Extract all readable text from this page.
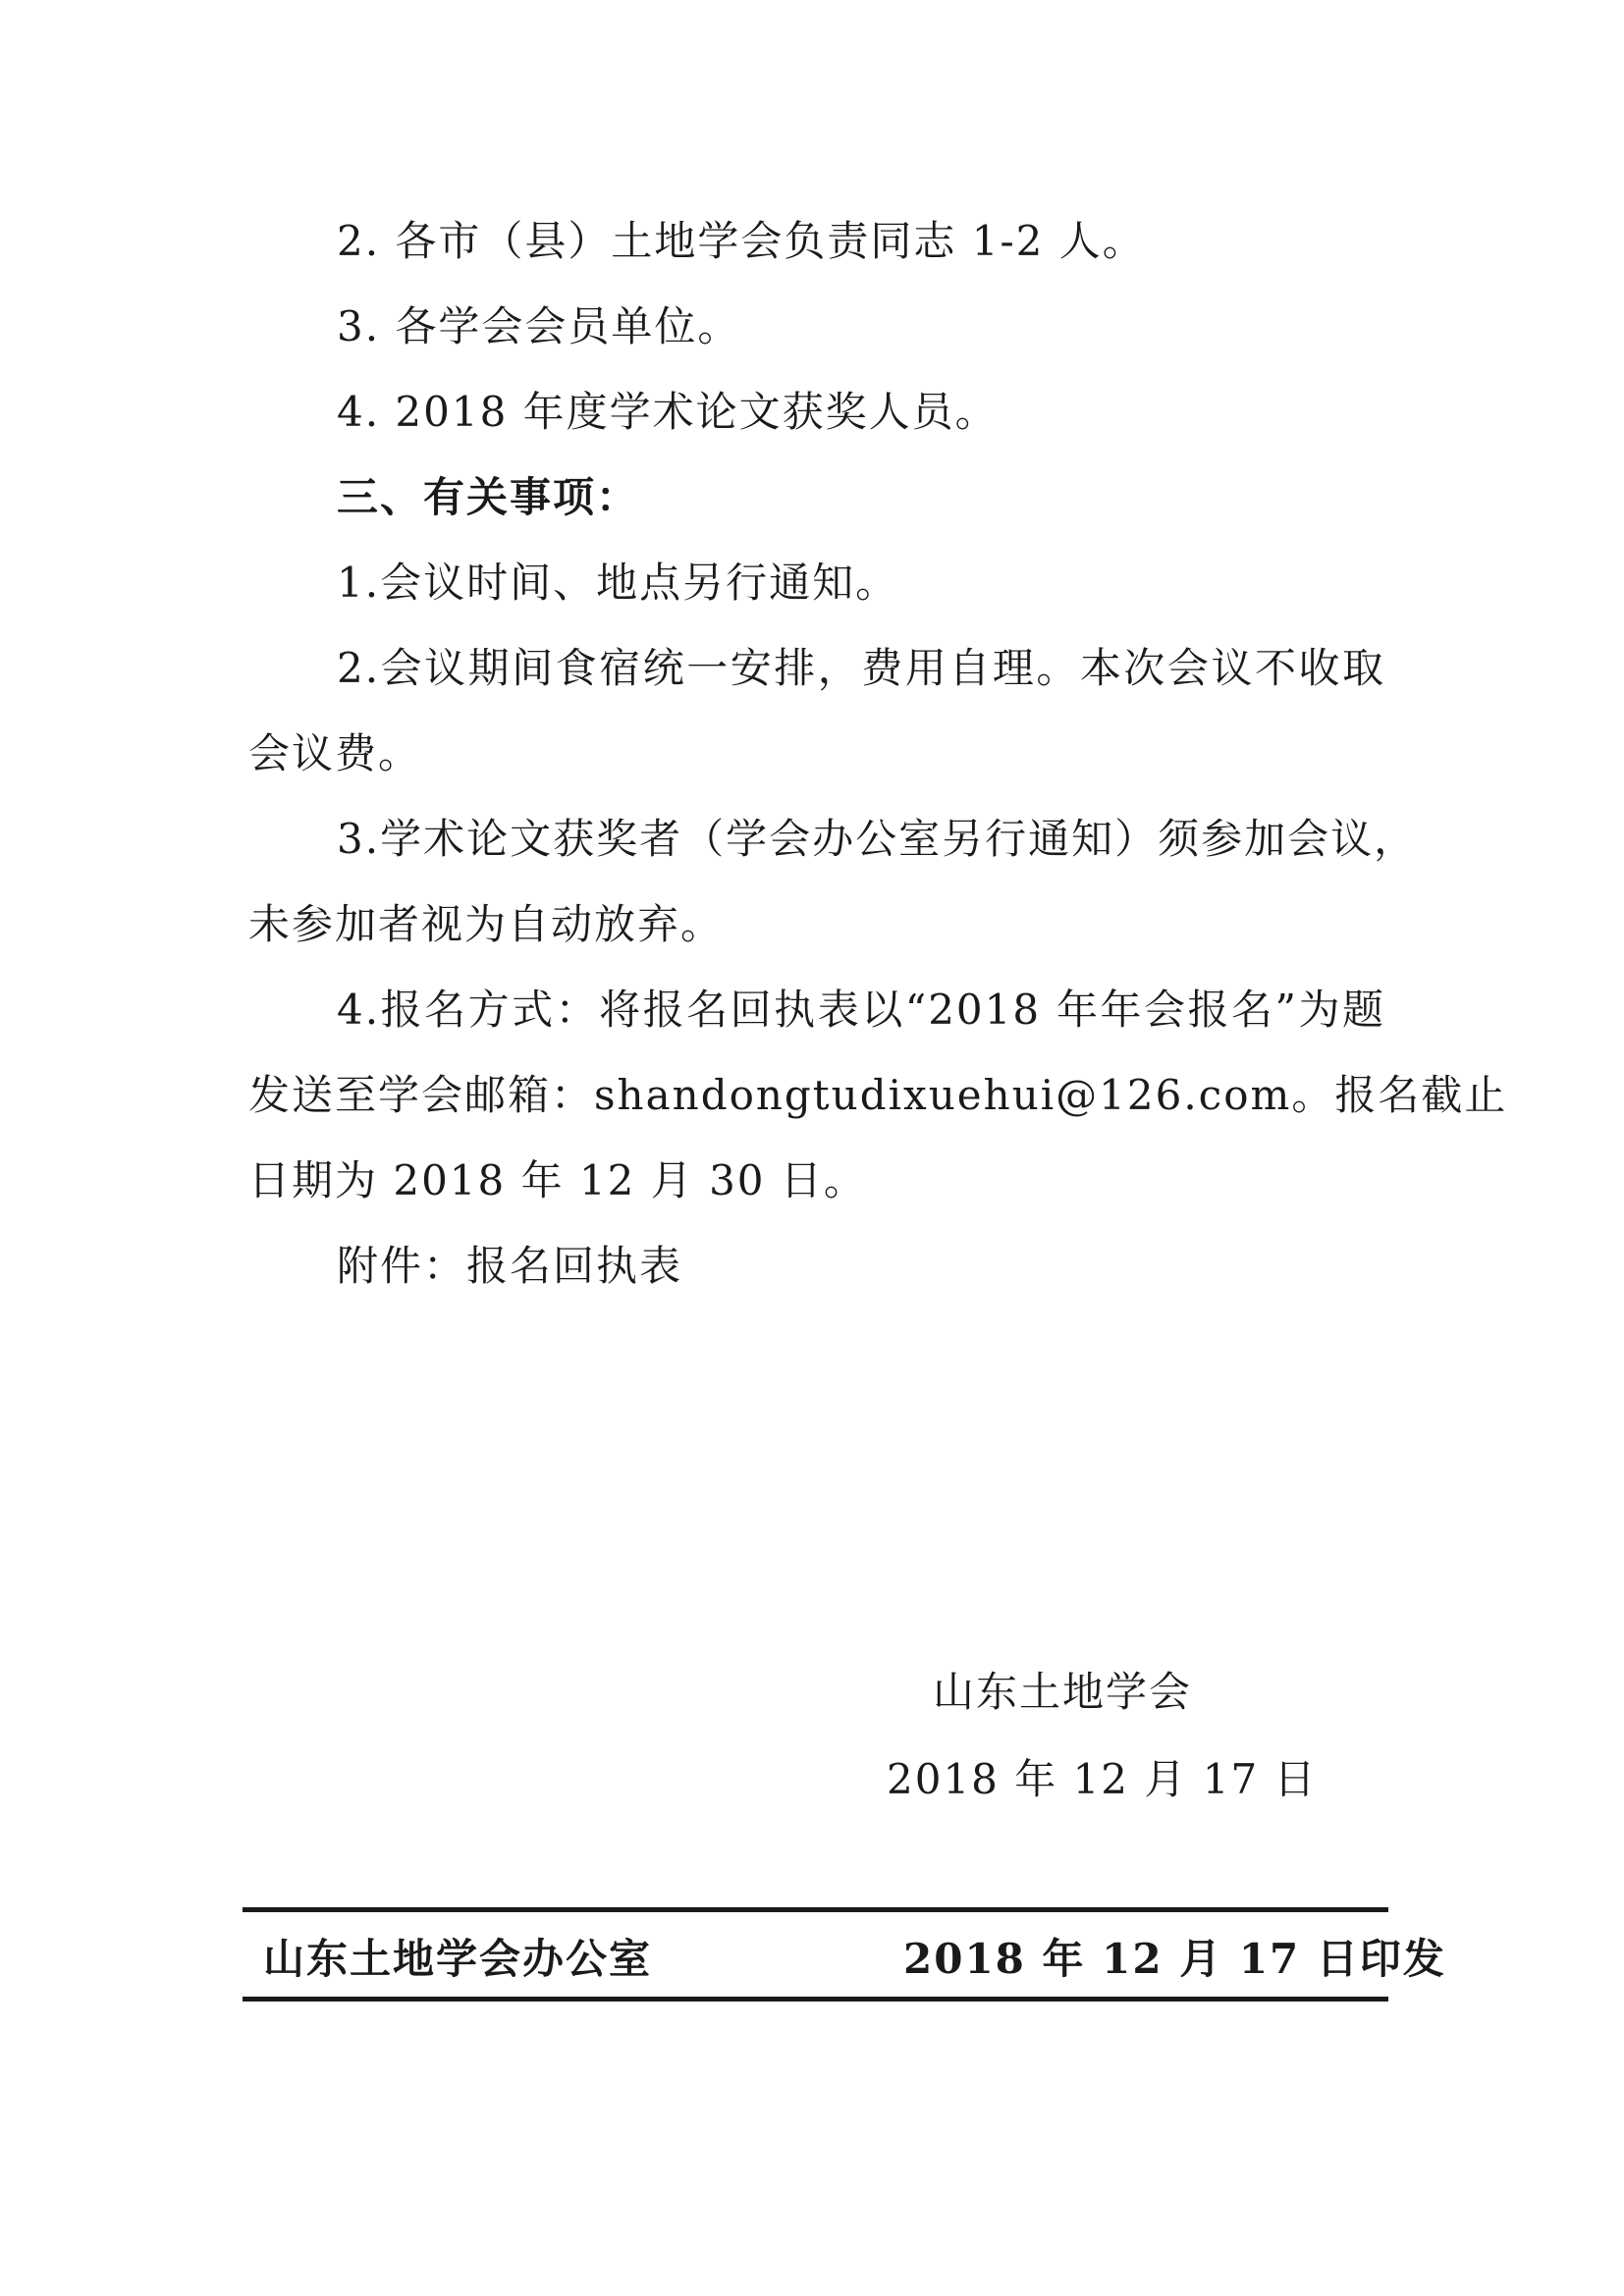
2. 各市（县）土地学会负责同志 1-2 人。
3. 各学会会员单位。
4. 2018 年度学术论文获奖人员。
三、有关事项：
1.会议时间、地点另行通知。
2.会议期间食宿统一安排，费用自理。本次会议不收取
会议费。
3.学术论文获奖者（学会办公室另行通知）须参加会议，
未参加者视为自动放弃。
4.报名方式：将报名回执表以“2018 年年会报名”为题
发送至学会邮箱：shandongtudixuehui@126.com。报名截止
日期为 2018 年 12 月 30 日。
附件：报名回执表
山东土地学会
2018 年 12 月 17 日
山东土地学会办公室	2018 年 12 月 17 日印发
